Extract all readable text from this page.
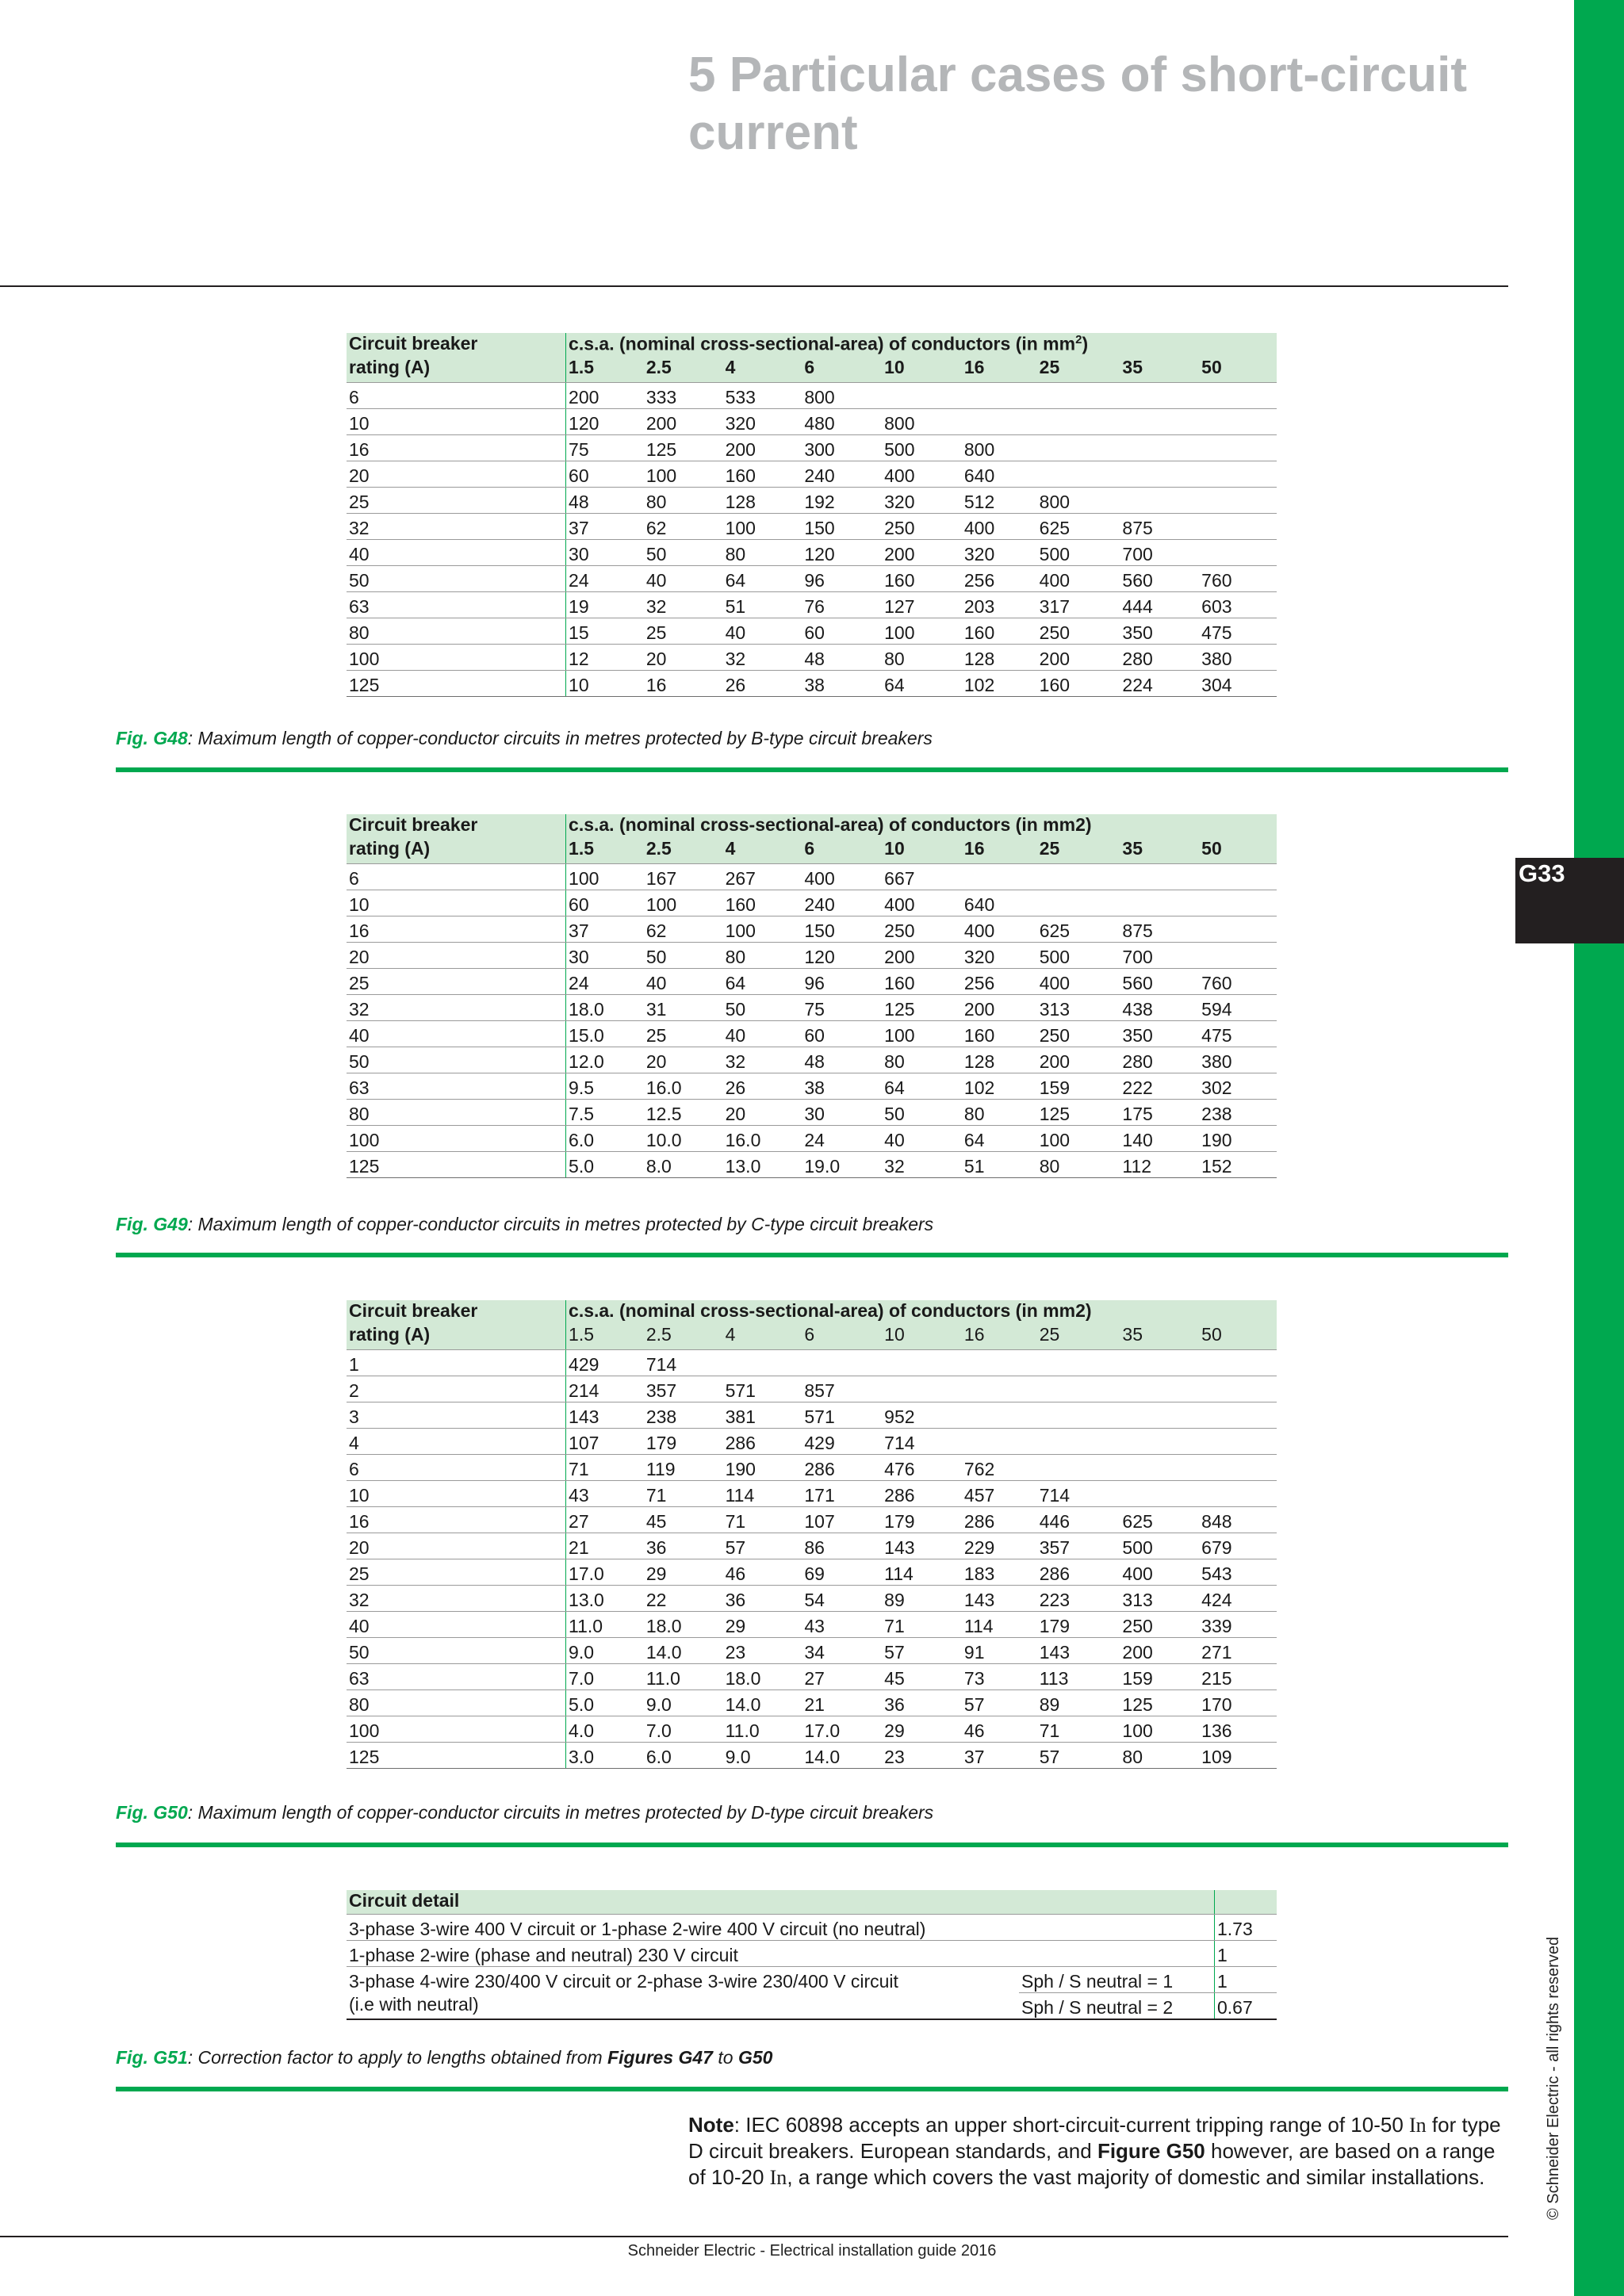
G33
© Schneider Electric - all rights reserved
5 Particular cases of short-circuit current
Circuit breaker	c.s.a. (nominal cross-sectional-area) of conductors (in $mm^2$)								
rating (A)	1.5	2.5	4	6	10	16	25	35	50
6	200	333	533	800					
10	120	200	320	480	800				
16	75	125	200	300	500	800			
20	60	100	160	240	400	640			
25	48	80	128	192	320	512	800		
32	37	62	100	150	250	400	625	875	
40	30	50	80	120	200	320	500	700	
50	24	40	64	96	160	256	400	560	760
63	19	32	51	76	127	203	317	444	603
80	15	25	40	60	100	160	250	350	475
100	12	20	32	48	80	128	200	280	380
125	10	16	26	38	64	102	160	224	304
Fig. G48: Maximum length of copper-conductor circuits in metres protected by B-type circuit breakers
Circuit breaker	c.s.a. (nominal cross-sectional-area) of conductors (in mm2)								
rating (A)	1.5	2.5	4	6	10	16	25	35	50
6	100	167	267	400	667				
10	60	100	160	240	400	640			
16	37	62	100	150	250	400	625	875	
20	30	50	80	120	200	320	500	700	
25	24	40	64	96	160	256	400	560	760
32	18.0	31	50	75	125	200	313	438	594
40	15.0	25	40	60	100	160	250	350	475
50	12.0	20	32	48	80	128	200	280	380
63	9.5	16.0	26	38	64	102	159	222	302
80	7.5	12.5	20	30	50	80	125	175	238
100	6.0	10.0	16.0	24	40	64	100	140	190
125	5.0	8.0	13.0	19.0	32	51	80	112	152
Fig. G49: Maximum length of copper-conductor circuits in metres protected by C-type circuit breakers
Circuit breaker	c.s.a. (nominal cross-sectional-area) of conductors (in mm2)								
rating (A)	1.5	2.5	4	6	10	16	25	35	50
1	429	714							
2	214	357	571	857					
3	143	238	381	571	952				
4	107	179	286	429	714				
6	71	119	190	286	476	762			
10	43	71	114	171	286	457	714		
16	27	45	71	107	179	286	446	625	848
20	21	36	57	86	143	229	357	500	679
25	17.0	29	46	69	114	183	286	400	543
32	13.0	22	36	54	89	143	223	313	424
40	11.0	18.0	29	43	71	114	179	250	339
50	9.0	14.0	23	34	57	91	143	200	271
63	7.0	11.0	18.0	27	45	73	113	159	215
80	5.0	9.0	14.0	21	36	57	89	125	170
100	4.0	7.0	11.0	17.0	29	46	71	100	136
125	3.0	6.0	9.0	14.0	23	37	57	80	109
Fig. G50: Maximum length of copper-conductor circuits in metres protected by D-type circuit breakers
Circuit detail		
3-phase 3-wire 400 V circuit or 1-phase 2-wire 400 V circuit (no neutral)		1.73
1-phase 2-wire (phase and neutral) 230 V circuit		1
3-phase 4-wire 230/400 V circuit or 2-phase 3-wire 230/400 V circuit
(i.e with neutral)	Sph / S neutral = 1	1
	Sph / S neutral = 2	0.67
Fig. G51: Correction factor to apply to lengths obtained from Figures G47 to G50

Note: IEC 60898 accepts an upper short-circuit-current tripping range of 10-50 In for type D circuit breakers. European standards, and Figure G50 however, are based on a range of 10-20 In, a range which covers the vast majority of domestic and similar installations.

Schneider Electric - Electrical installation guide 2016
